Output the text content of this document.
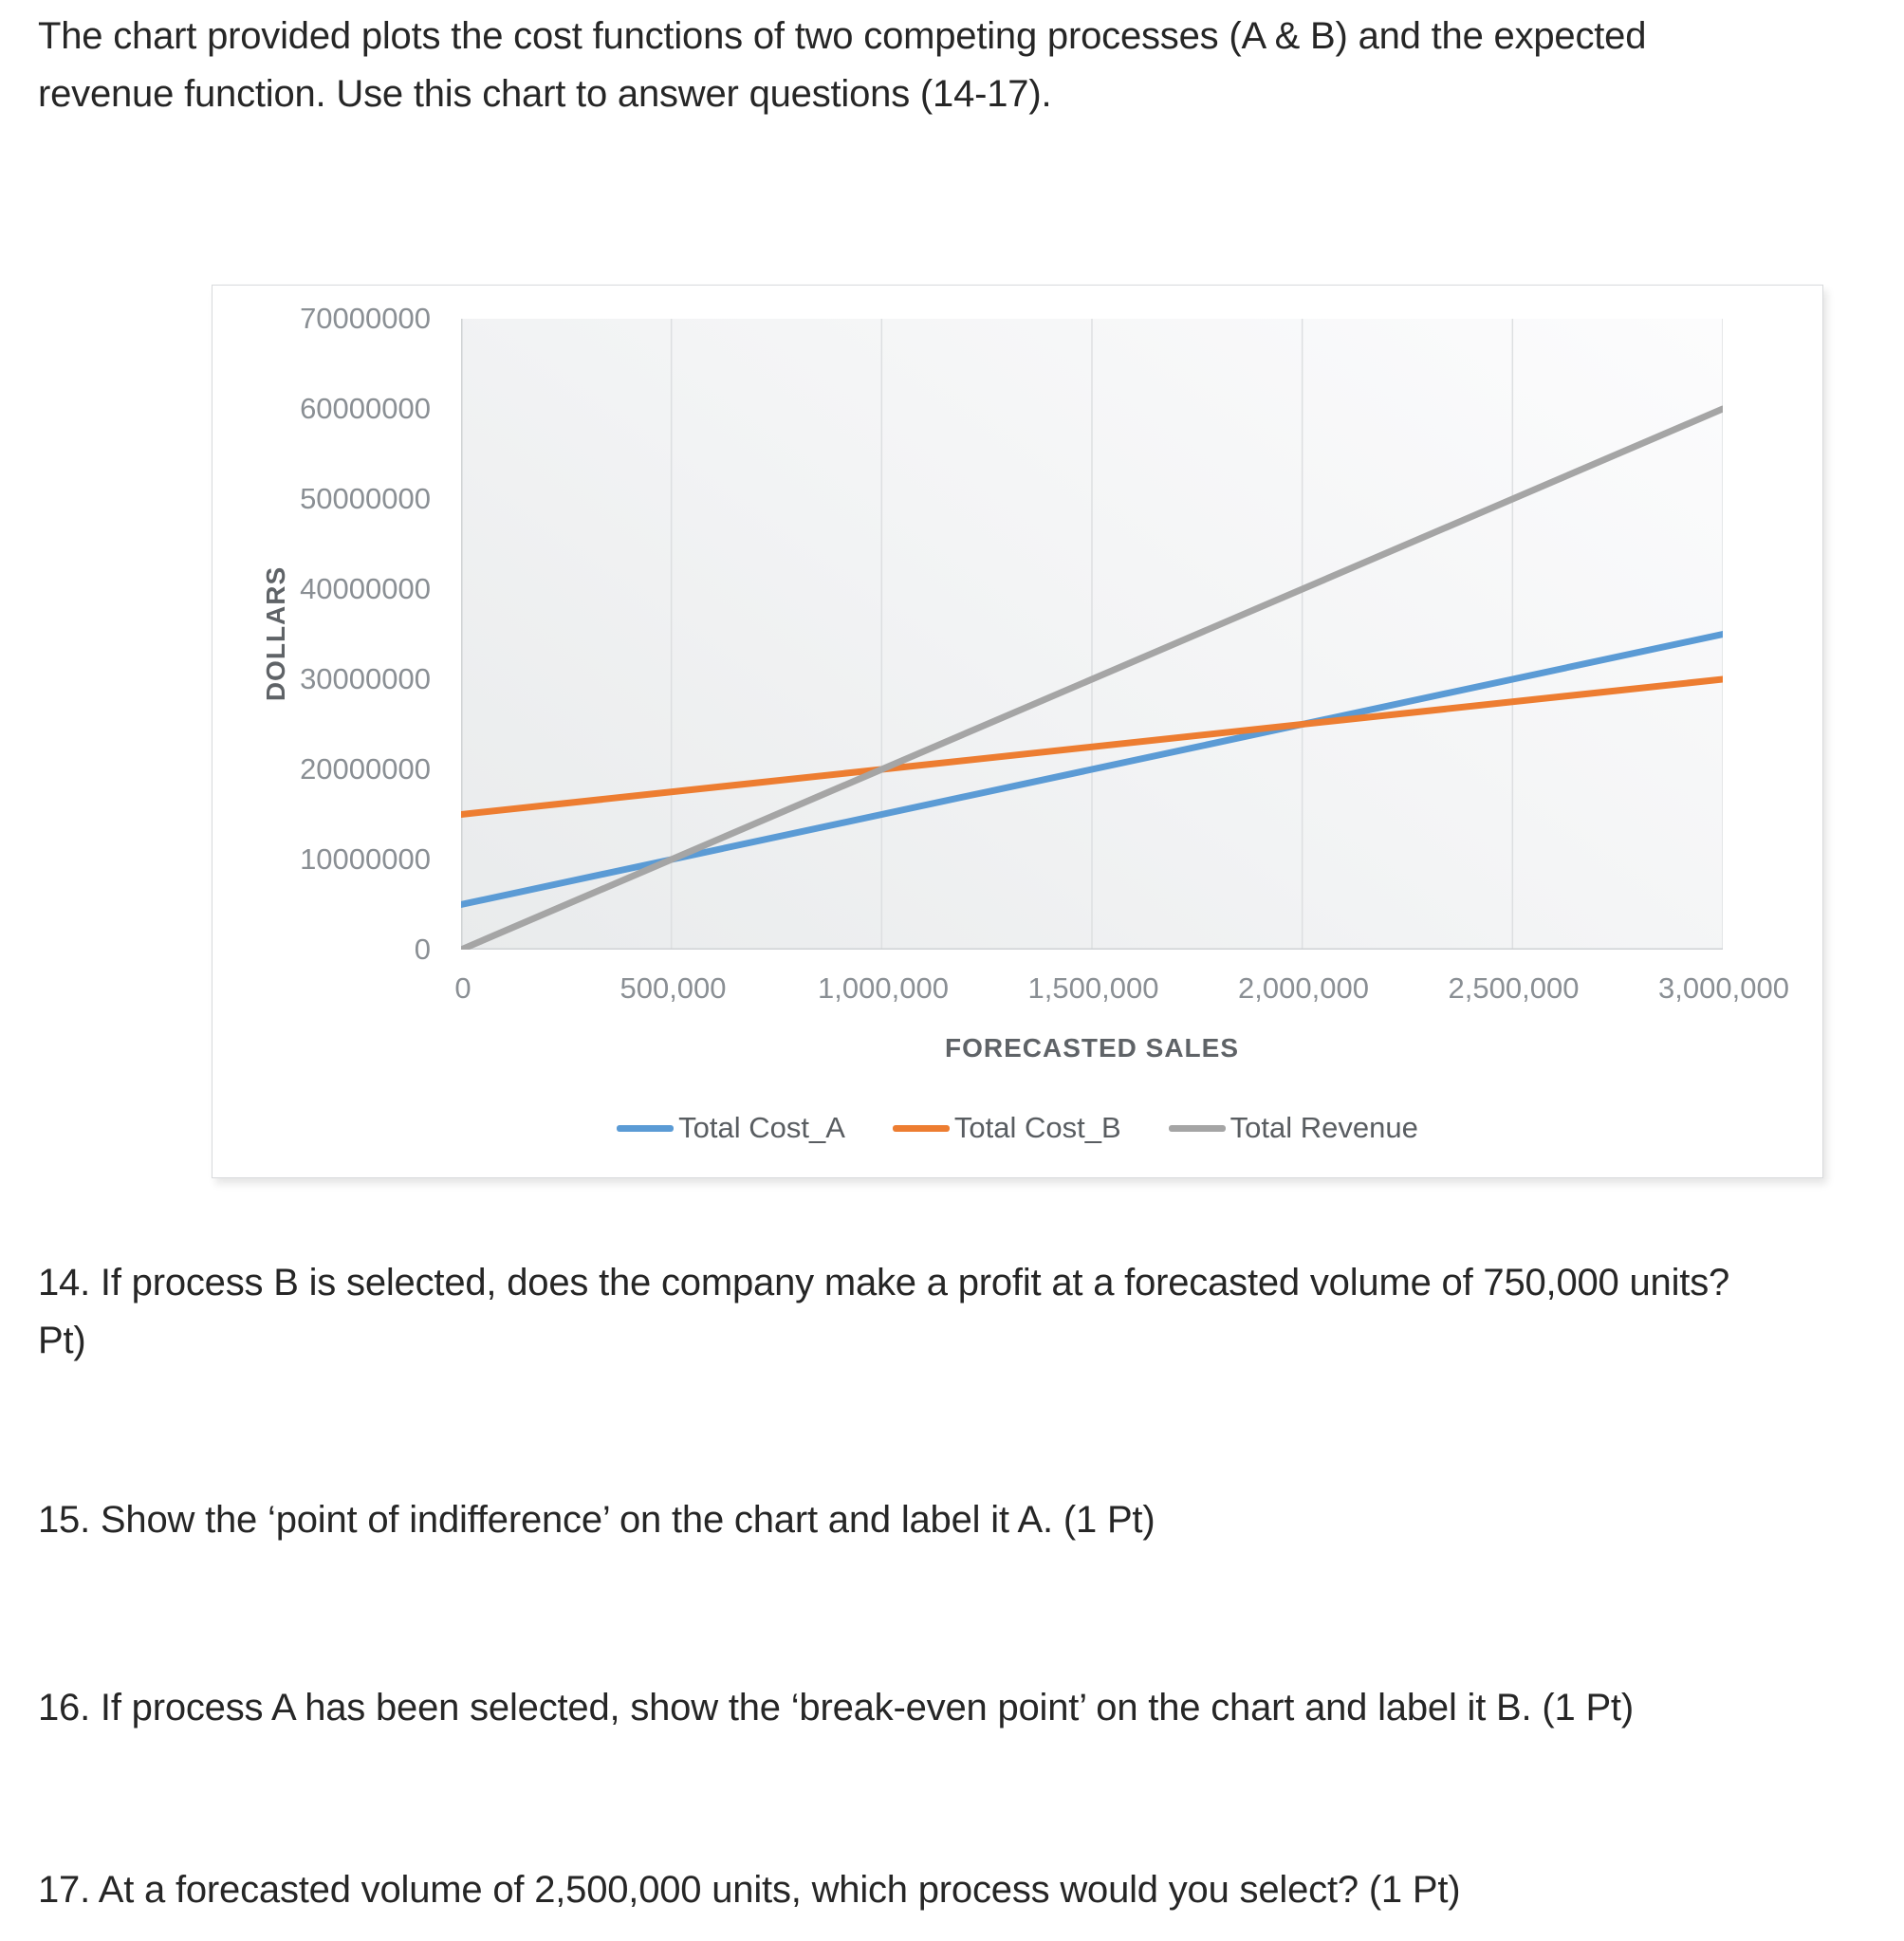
The chart provided plots the cost functions of two competing processes (A & B) and the expected
revenue function. Use this chart to answer questions (14-17).
DOLLARS
70000000
60000000
50000000
40000000
30000000
20000000
10000000
0
0	500,000	1,000,000	1,500,000	2,000,000	2,500,000	3,000,000
FORECASTED SALES
Total Cost_A	Total Cost_B	Total Revenue
14. If process B is selected, does the company make a profit at a forecasted volume of 750,000 units?
Pt)
15. Show the ‘point of indifference’ on the chart and label it A. (1 Pt)
16. If process A has been selected, show the ‘break-even point’ on the chart and label it B. (1 Pt)
17. At a forecasted volume of 2,500,000 units, which process would you select? (1 Pt)
